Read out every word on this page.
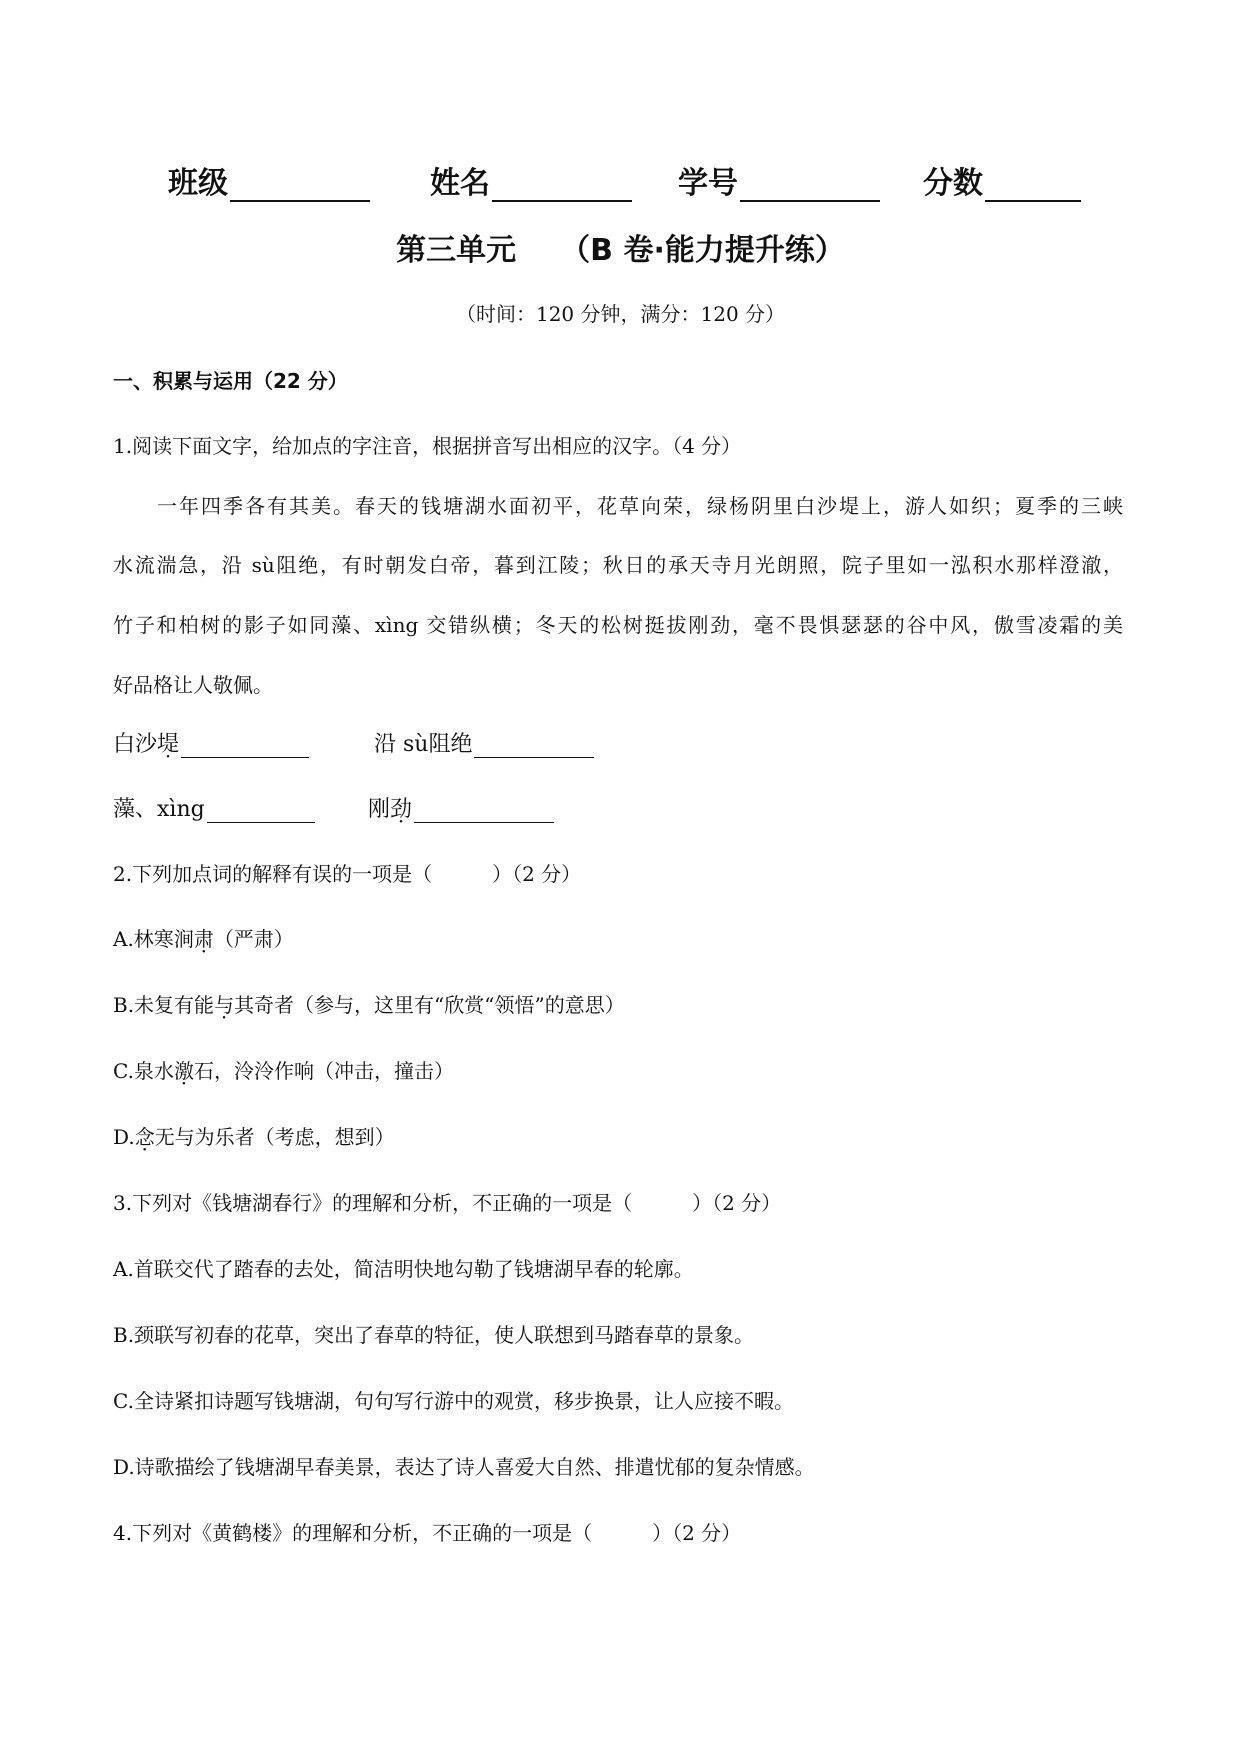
班级	姓名	学号	分数
第三单元 （B 卷·能力提升练）
（时间：120 分钟，满分：120 分）
一、积累与运用（22 分）
1.阅读下面文字，给加点的字注音，根据拼音写出相应的汉字。（4 分）
一年四季各有其美。春天的钱塘湖水面初平，花草向荣，绿杨阴里白沙堤上，游人如织；夏季的三峡
水流湍急，沿 sù阻绝，有时朝发白帝，暮到江陵；秋日的承天寺月光朗照，院子里如一泓积水那样澄澈，
竹子和柏树的影子如同藻、xìng 交错纵横；冬天的松树挺拔刚劲，毫不畏惧瑟瑟的谷中风，傲雪凌霜的美
好品格让人敬佩。
白沙堤	沿 sù阻绝
藻、xìng	刚劲
2.下列加点词的解释有误的一项是（　　　）（2 分）
A.林寒涧肃（严肃）
B.未复有能与其奇者（参与，这里有“欣赏“领悟”的意思）
C.泉水激石，泠泠作响（冲击，撞击）
D.念无与为乐者（考虑，想到）
3.下列对《钱塘湖春行》的理解和分析，不正确的一项是（　　　）（2 分）
A.首联交代了踏春的去处，简洁明快地勾勒了钱塘湖早春的轮廓。
B.颈联写初春的花草，突出了春草的特征，使人联想到马踏春草的景象。
C.全诗紧扣诗题写钱塘湖，句句写行游中的观赏，移步换景，让人应接不暇。
D.诗歌描绘了钱塘湖早春美景，表达了诗人喜爱大自然、排遣忧郁的复杂情感。
4.下列对《黄鹤楼》的理解和分析，不正确的一项是（　　　）（2 分）
